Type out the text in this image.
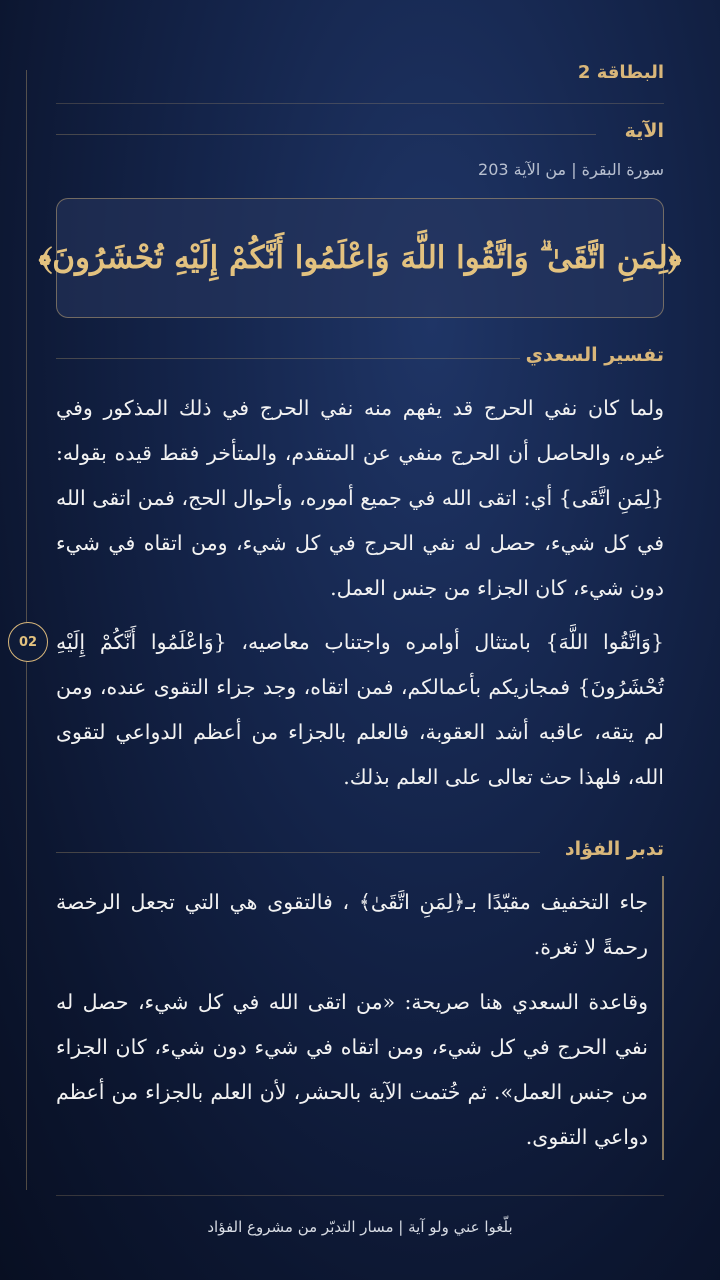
02
البطاقة 2
الآية
سورة البقرة | من الآية 203
﴿لِمَنِ اتَّقَىٰ ۗ وَاتَّقُوا اللَّهَ وَاعْلَمُوا أَنَّكُمْ إِلَيْهِ تُحْشَرُونَ﴾
تفسير السعدي
ولما كان نفي الحرج قد يفهم منه نفي الحرج في ذلك المذكور وفي غيره، والحاصل أن الحرج منفي عن المتقدم، والمتأخر فقط قيده بقوله: {لِمَنِ اتَّقَى} أي: اتقى الله في جميع أموره، وأحوال الحج، فمن اتقى الله في كل شيء، حصل له نفي الحرج في كل شيء، ومن اتقاه في شيء دون شيء، كان الجزاء من جنس العمل.
{وَاتَّقُوا اللَّهَ} بامتثال أوامره واجتناب معاصيه، {وَاعْلَمُوا أَنَّكُمْ إِلَيْهِ تُحْشَرُونَ} فمجازيكم بأعمالكم، فمن اتقاه، وجد جزاء التقوى عنده، ومن لم يتقه، عاقبه أشد العقوبة، فالعلم بالجزاء من أعظم الدواعي لتقوى الله، فلهذا حث تعالى على العلم بذلك.
تدبر الفؤاد
جاء التخفيف مقيّدًا بـ﴿لِمَنِ اتَّقَىٰ﴾ ، فالتقوى هي التي تجعل الرخصة رحمةً لا ثغرة.
وقاعدة السعدي هنا صريحة: «من اتقى الله في كل شيء، حصل له نفي الحرج في كل شيء، ومن اتقاه في شيء دون شيء، كان الجزاء من جنس العمل». ثم خُتمت الآية بالحشر، لأن العلم بالجزاء من أعظم دواعي التقوى.
بلّغوا عني ولو آية | مسار التدبّر من مشروع الفؤاد
